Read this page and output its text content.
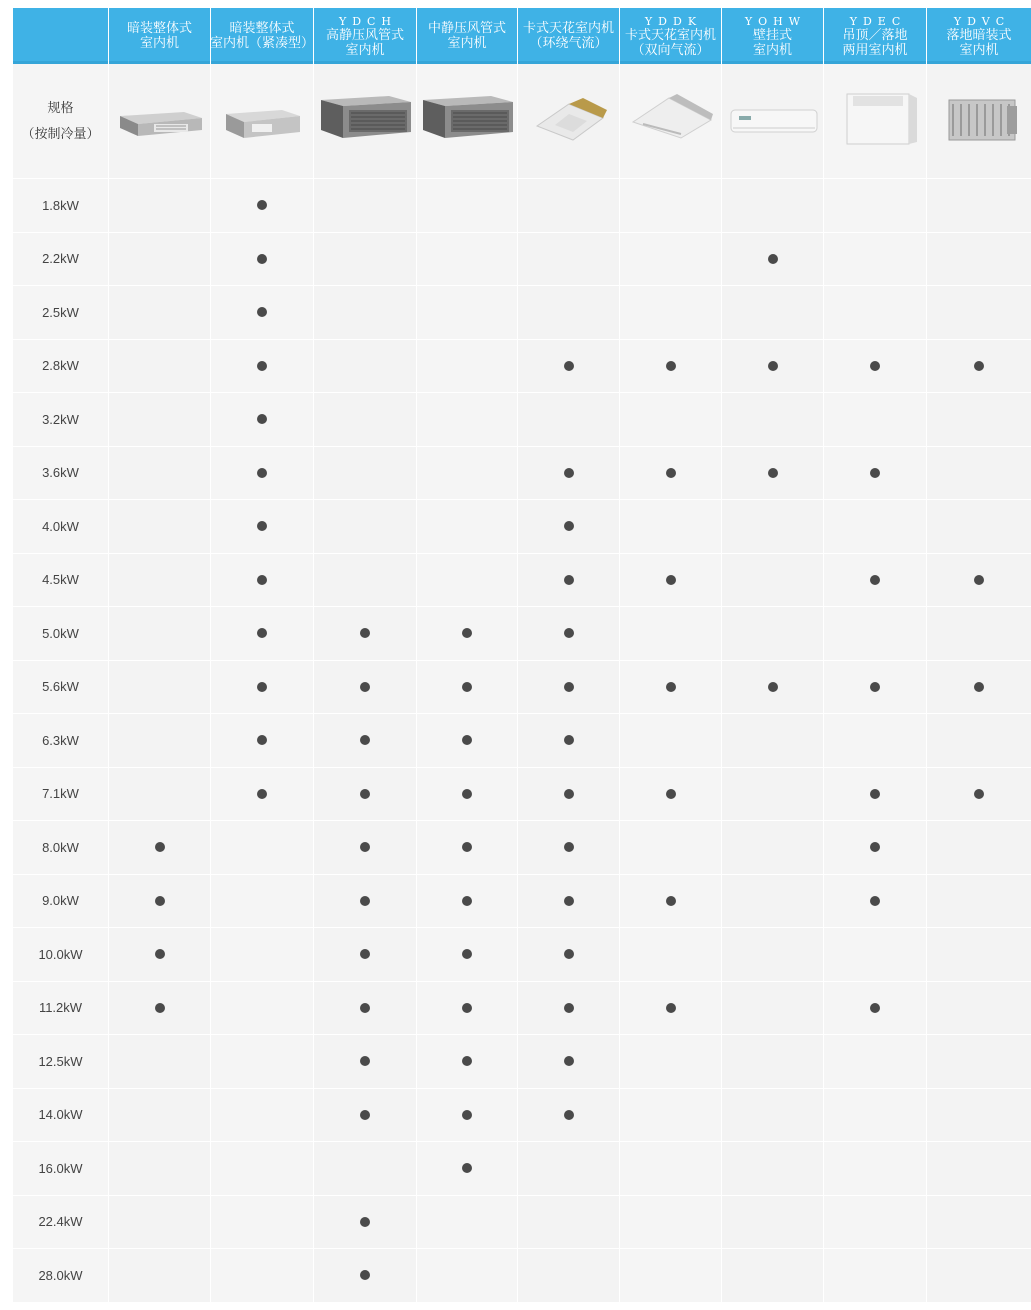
暗装整体式
室内机
暗装整体式
室内机（紧凑型）
YDCH
高静压风管式
室内机
中静压风管式
室内机
卡式天花室内机
（环绕气流）
YDDK
卡式天花室内机
（双向气流）
YOHW
壁挂式
室内机
YDEC
吊顶／落地
两用室内机
YDVC
落地暗装式
室内机
规格
（按制冷量）
1.8kW
2.2kW
2.5kW
2.8kW
3.2kW
3.6kW
4.0kW
4.5kW
5.0kW
5.6kW
6.3kW
7.1kW
8.0kW
9.0kW
10.0kW
11.2kW
12.5kW
14.0kW
16.0kW
22.4kW
28.0kW
